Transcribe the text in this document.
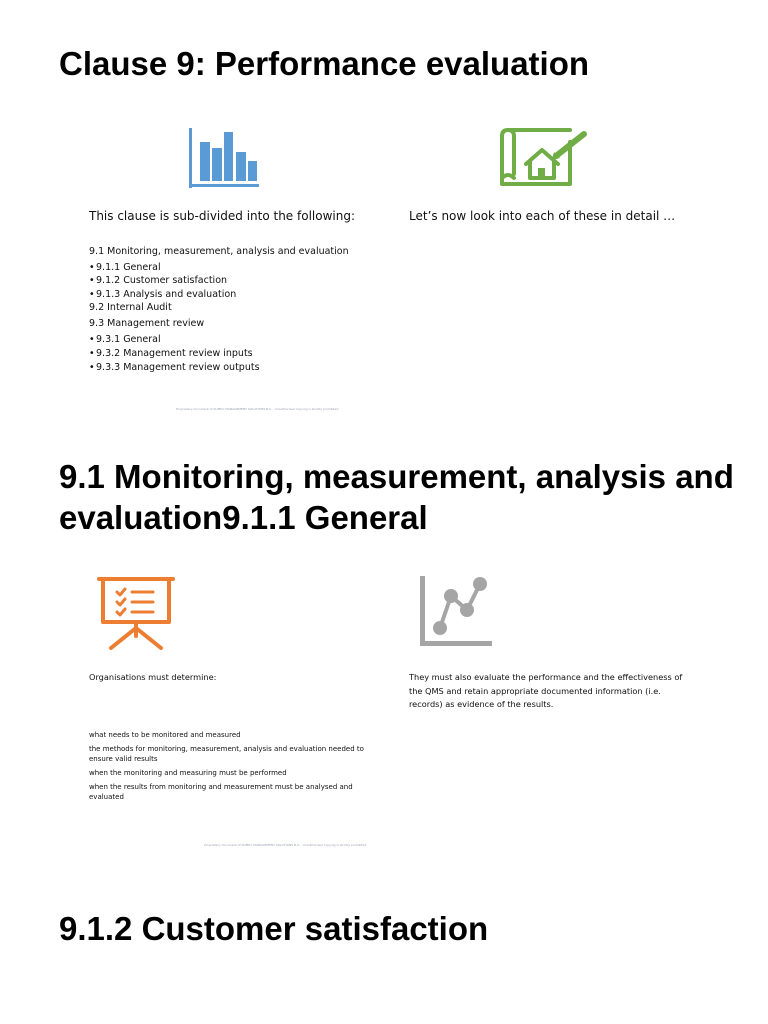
Clause 9: Performance evaluation
This clause is sub-divided into the following:	Let’s now look into each of these in detail …
9.1 Monitoring, measurement, analysis and evaluation
• 9.1.1 General
• 9.1.2 Customer satisfaction
• 9.1.3 Analysis and evaluation
9.2 Internal Audit
9.3 Management review
• 9.3.1 General
• 9.3.2 Management review inputs
• 9.3.3 Management review outputs
Proprietary document of SUPPLY MANAGEMENT SOLUTIONS B.V. - Unauthorised copying is strictly prohibited
9.1 Monitoring, measurement, analysis and evaluation9.1.1 General
Organisations must determine:	They must also evaluate the performance and the effectiveness of the QMS and retain appropriate documented information (i.e. records) as evidence of the results.
what needs to be monitored and measured
the methods for monitoring, measurement, analysis and evaluation needed to ensure valid results
when the monitoring and measuring must be performed
when the results from monitoring and measurement must be analysed and evaluated
Proprietary document of SUPPLY MANAGEMENT SOLUTIONS B.V. - Unauthorised copying is strictly prohibited
9.1.2 Customer satisfaction
